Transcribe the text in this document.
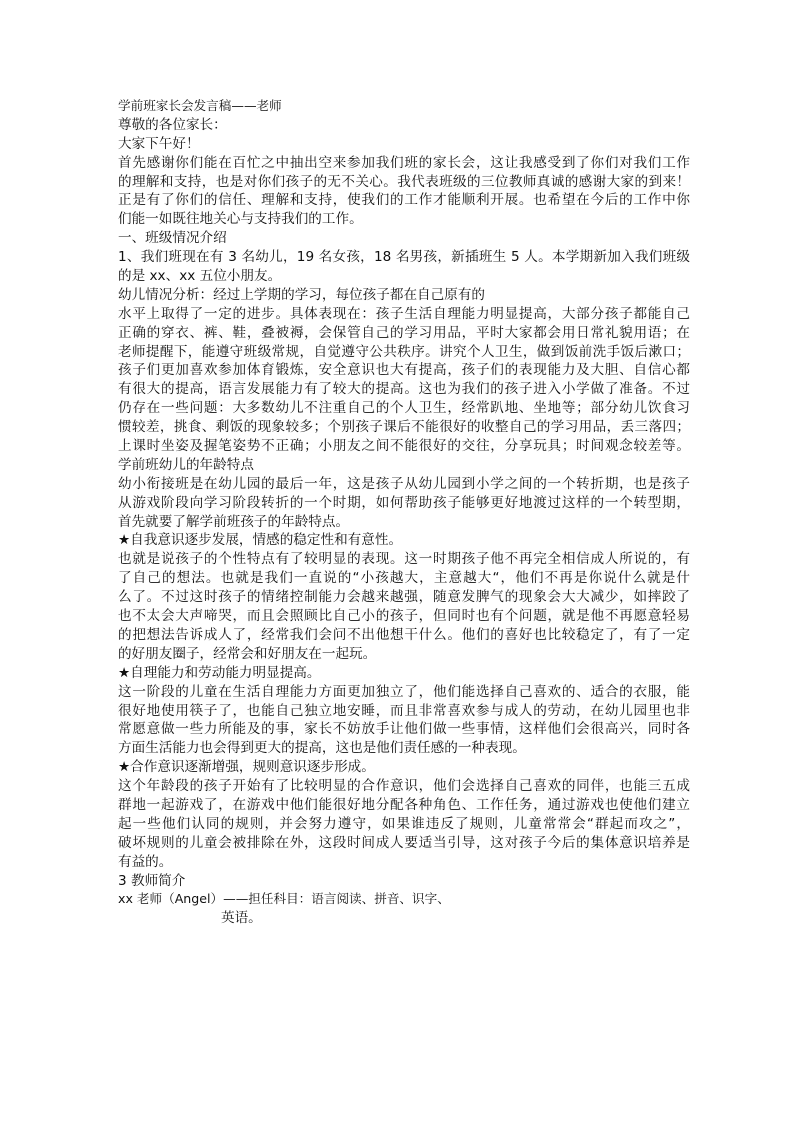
学前班家长会发言稿——老师
尊敬的各位家长：
大家下午好！
首先感谢你们能在百忙之中抽出空来参加我们班的家长会，这让我感受到了你们对我们工作
的理解和支持，也是对你们孩子的无不关心。我代表班级的三位教师真诚的感谢大家的到来！
正是有了你们的信任、理解和支持，使我们的工作才能顺利开展。也希望在今后的工作中你
们能一如既往地关心与支持我们的工作。
一、班级情况介绍
1、我们班现在有 3 名幼儿，19 名女孩，18 名男孩，新插班生 5 人。本学期新加入我们班级
的是 xx、xx 五位小朋友。
幼儿情况分析：经过上学期的学习，每位孩子都在自己原有的
水平上取得了一定的进步。具体表现在：孩子生活自理能力明显提高，大部分孩子都能自己
正确的穿衣、裤、鞋，叠被褥，会保管自己的学习用品，平时大家都会用日常礼貌用语；在
老师提醒下，能遵守班级常规，自觉遵守公共秩序。讲究个人卫生，做到饭前洗手饭后漱口；
孩子们更加喜欢参加体育锻炼，安全意识也大有提高，孩子们的表现能力及大胆、自信心都
有很大的提高，语言发展能力有了较大的提高。这也为我们的孩子进入小学做了准备。不过
仍存在一些问题：大多数幼儿不注重自己的个人卫生，经常趴地、坐地等；部分幼儿饮食习
惯较差，挑食、剩饭的现象较多；个别孩子课后不能很好的收整自己的学习用品，丢三落四；
上课时坐姿及握笔姿势不正确；小朋友之间不能很好的交往，分享玩具；时间观念较差等。
学前班幼儿的年龄特点
幼小衔接班是在幼儿园的最后一年，这是孩子从幼儿园到小学之间的一个转折期，也是孩子
从游戏阶段向学习阶段转折的一个时期，如何帮助孩子能够更好地渡过这样的一个转型期，
首先就要了解学前班孩子的年龄特点。
★自我意识逐步发展，情感的稳定性和有意性。
也就是说孩子的个性特点有了较明显的表现。这一时期孩子他不再完全相信成人所说的，有
了自己的想法。也就是我们一直说的“小孩越大，主意越大“，他们不再是你说什么就是什
么了。不过这时孩子的情绪控制能力会越来越强，随意发脾气的现象会大大减少，如摔跤了
也不太会大声啼哭，而且会照顾比自己小的孩子，但同时也有个问题，就是他不再愿意轻易
的把想法告诉成人了，经常我们会问不出他想干什么。他们的喜好也比较稳定了，有了一定
的好朋友圈子，经常会和好朋友在一起玩。
★自理能力和劳动能力明显提高。
这一阶段的儿童在生活自理能力方面更加独立了，他们能选择自己喜欢的、适合的衣服，能
很好地使用筷子了，也能自己独立地安睡，而且非常喜欢参与成人的劳动，在幼儿园里也非
常愿意做一些力所能及的事，家长不妨放手让他们做一些事情，这样他们会很高兴，同时各
方面生活能力也会得到更大的提高，这也是他们责任感的一种表现。
★合作意识逐渐增强，规则意识逐步形成。
这个年龄段的孩子开始有了比较明显的合作意识，他们会选择自己喜欢的同伴，也能三五成
群地一起游戏了，在游戏中他们能很好地分配各种角色、工作任务，通过游戏也使他们建立
起一些他们认同的规则，并会努力遵守，如果谁违反了规则，儿童常常会“群起而攻之”，
破坏规则的儿童会被排除在外，这段时间成人要适当引导，这对孩子今后的集体意识培养是
有益的。
3 教师简介
xx 老师（Angel）——担任科目：语言阅读、拼音、识字、
英语。
